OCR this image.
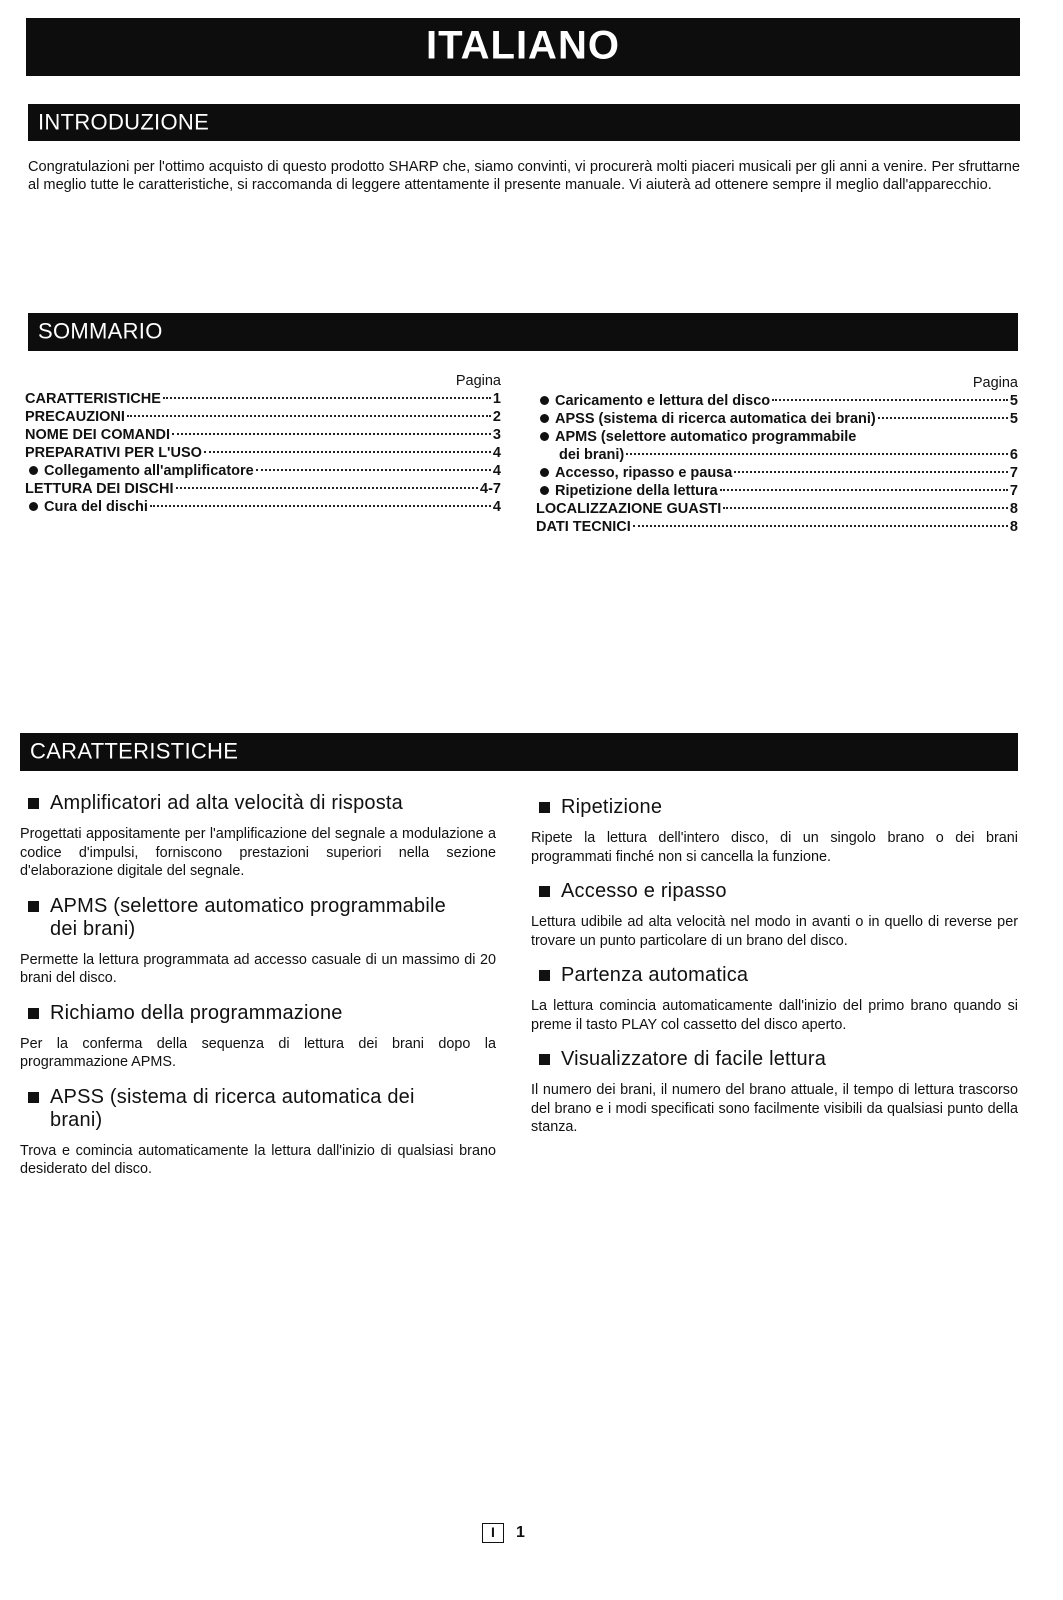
ITALIANO
INTRODUZIONE
Congratulazioni per l'ottimo acquisto di questo prodotto SHARP che, siamo convinti, vi procurerà molti piaceri musicali per gli anni a venire. Per sfruttarne al meglio tutte le caratteristiche, si raccomanda di leggere attentamente il presente manuale. Vi aiuterà ad ottenere sempre il meglio dall'apparecchio.
SOMMARIO
Pagina
CARATTERISTICHE	1
PRECAUZIONI	2
NOME DEI COMANDI	3
PREPARATIVI PER L'USO	4
Collegamento all'amplificatore	4
LETTURA DEI DISCHI	4-7
Cura del dischi	4
Pagina
Caricamento e lettura del disco	5
APSS (sistema di ricerca automatica dei brani)	5
APMS (selettore automatico programmabile
dei brani)	6
Accesso, ripasso e pausa	7
Ripetizione della lettura	7
LOCALIZZAZIONE GUASTI	8
DATI TECNICI	8
CARATTERISTICHE
Amplificatori ad alta velocità di risposta

Progettati appositamente per l'amplificazione del segnale a modulazione a codice d'impulsi, forniscono prestazioni superiori nella sezione d'elaborazione digitale del segnale.

APMS (selettore automatico programmabile
dei brani)

Permette la lettura programmata ad accesso casuale di un massimo di 20 brani del disco.

Richiamo della programmazione

Per la conferma della sequenza di lettura dei brani dopo la programmazione APMS.

APSS (sistema di ricerca automatica dei
brani)

Trova e comincia automaticamente la lettura dall'inizio di qualsiasi brano desiderato del disco.

Ripetizione

Ripete la lettura dell'intero disco, di un singolo brano o dei brani programmati finché non si cancella la funzione.

Accesso e ripasso

Lettura udibile ad alta velocità nel modo in avanti o in quello di reverse per trovare un punto particolare di un brano del disco.

Partenza automatica

La lettura comincia automaticamente dall'inizio del primo brano quando si preme il tasto PLAY col cassetto del disco aperto.

Visualizzatore di facile lettura

Il numero dei brani, il numero del brano attuale, il tempo di lettura trascorso del brano e i modi specificati sono facilmente visibili da qualsiasi punto della stanza.

I	1
